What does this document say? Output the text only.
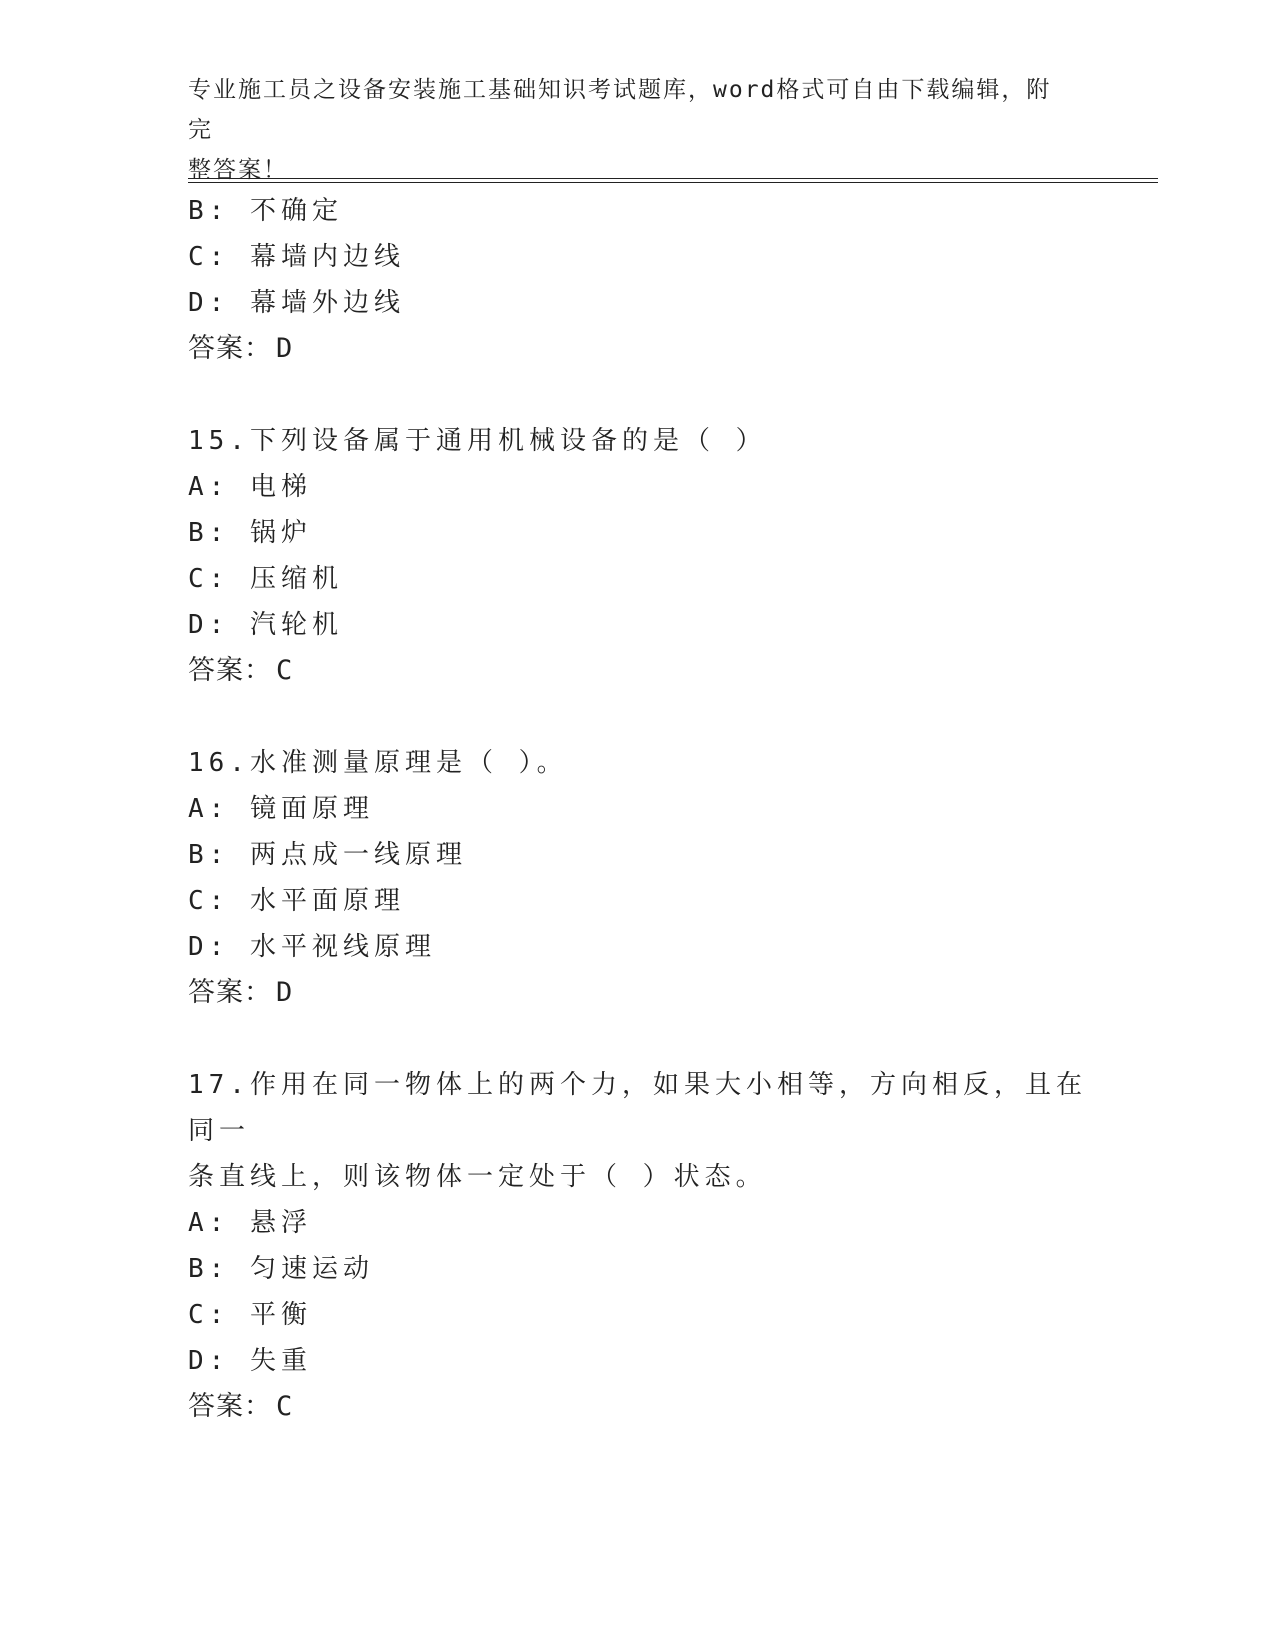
专业施工员之设备安装施工基础知识考试题库，word格式可自由下载编辑，附完
整答案！
B: 不确定
C: 幕墙内边线
D: 幕墙外边线
答案： D
15.下列设备属于通用机械设备的是（ ）
A: 电梯
B: 锅炉
C: 压缩机
D: 汽轮机
答案： C
16.水准测量原理是（ ）。
A: 镜面原理
B: 两点成一线原理
C: 水平面原理
D: 水平视线原理
答案： D
17.作用在同一物体上的两个力，如果大小相等，方向相反，且在同一
条直线上，则该物体一定处于（ ）状态。
A: 悬浮
B: 匀速运动
C: 平衡
D: 失重
答案： C
